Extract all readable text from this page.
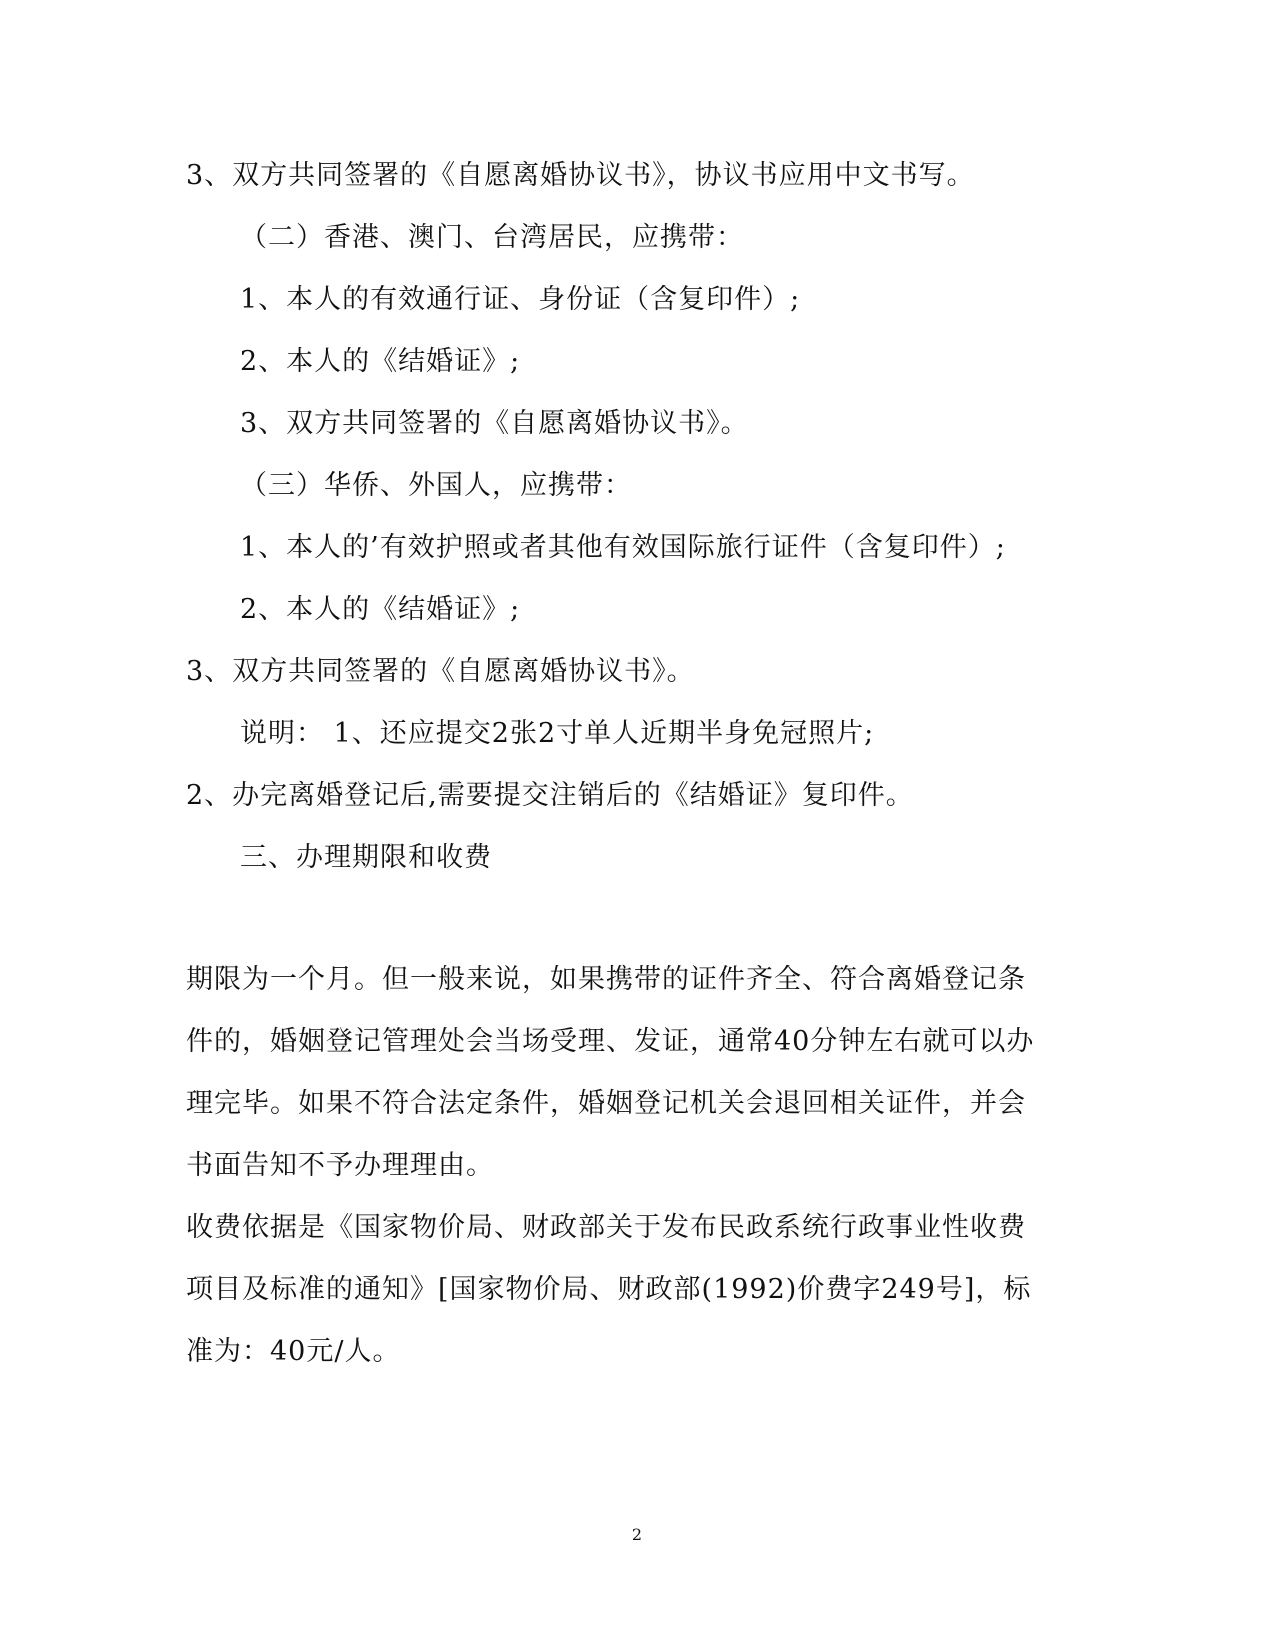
3、双方共同签署的《自愿离婚协议书》，协议书应用中文书写。
（二）香港、澳门、台湾居民，应携带：
1、本人的有效通行证、身份证（含复印件）;
2、本人的《结婚证》;
3、双方共同签署的《自愿离婚协议书》。
（三）华侨、外国人，应携带：
1、本人的’有效护照或者其他有效国际旅行证件（含复印件）;
2、本人的《结婚证》;
3、双方共同签署的《自愿离婚协议书》。
说明： 1、还应提交2张2寸单人近期半身免冠照片;
2、办完离婚登记后,需要提交注销后的《结婚证》复印件。
三、办理期限和收费
期限为一个月。但一般来说，如果携带的证件齐全、符合离婚登记条
件的，婚姻登记管理处会当场受理、发证，通常40分钟左右就可以办
理完毕。如果不符合法定条件，婚姻登记机关会退回相关证件，并会
书面告知不予办理理由。
收费依据是《国家物价局、财政部关于发布民政系统行政事业性收费
项目及标准的通知》[国家物价局、财政部(1992)价费字249号]，标
准为：40元/人。
2
